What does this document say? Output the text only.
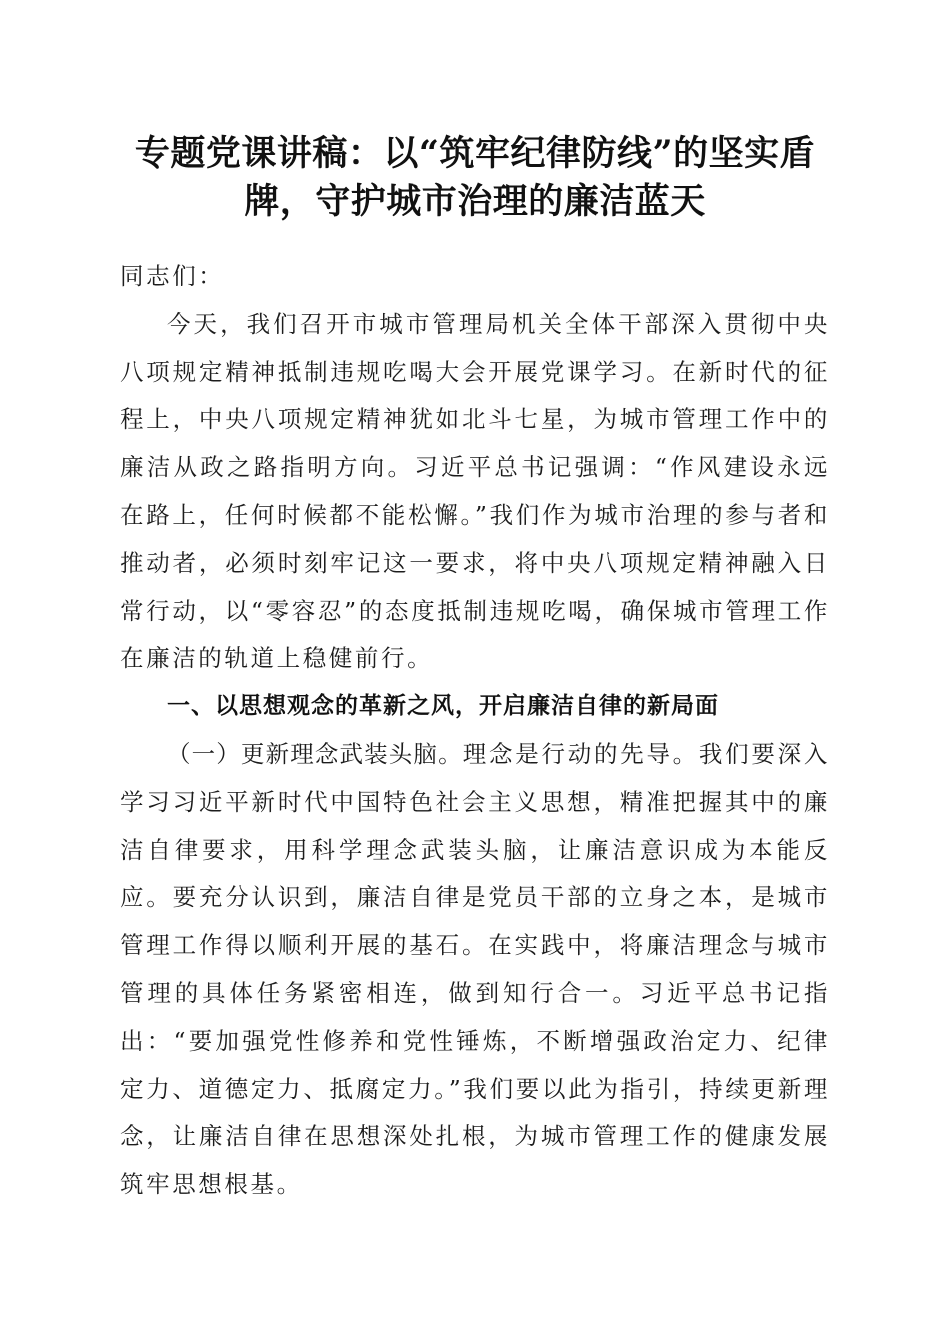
专题党课讲稿：以“筑牢纪律防线”的坚实盾
牌，守护城市治理的廉洁蓝天

同志们：

今天，我们召开市城市管理局机关全体干部深入贯彻中央八项规定精神抵制违规吃喝大会开展党课学习。在新时代的征程上，中央八项规定精神犹如北斗七星，为城市管理工作中的廉洁从政之路指明方向。习近平总书记强调：“作风建设永远在路上，任何时候都不能松懈。”我们作为城市治理的参与者和推动者，必须时刻牢记这一要求，将中央八项规定精神融入日常行动，以“零容忍”的态度抵制违规吃喝，确保城市管理工作在廉洁的轨道上稳健前行。

一、以思想观念的革新之风，开启廉洁自律的新局面

（一）更新理念武装头脑。理念是行动的先导。我们要深入学习习近平新时代中国特色社会主义思想，精准把握其中的廉洁自律要求，用科学理念武装头脑，让廉洁意识成为本能反应。要充分认识到，廉洁自律是党员干部的立身之本，是城市管理工作得以顺利开展的基石。在实践中，将廉洁理念与城市管理的具体任务紧密相连，做到知行合一。习近平总书记指出：“要加强党性修养和党性锤炼，不断增强政治定力、纪律定力、道德定力、抵腐定力。”我们要以此为指引，持续更新理念，让廉洁自律在思想深处扎根，为城市管理工作的健康发展筑牢思想根基。
